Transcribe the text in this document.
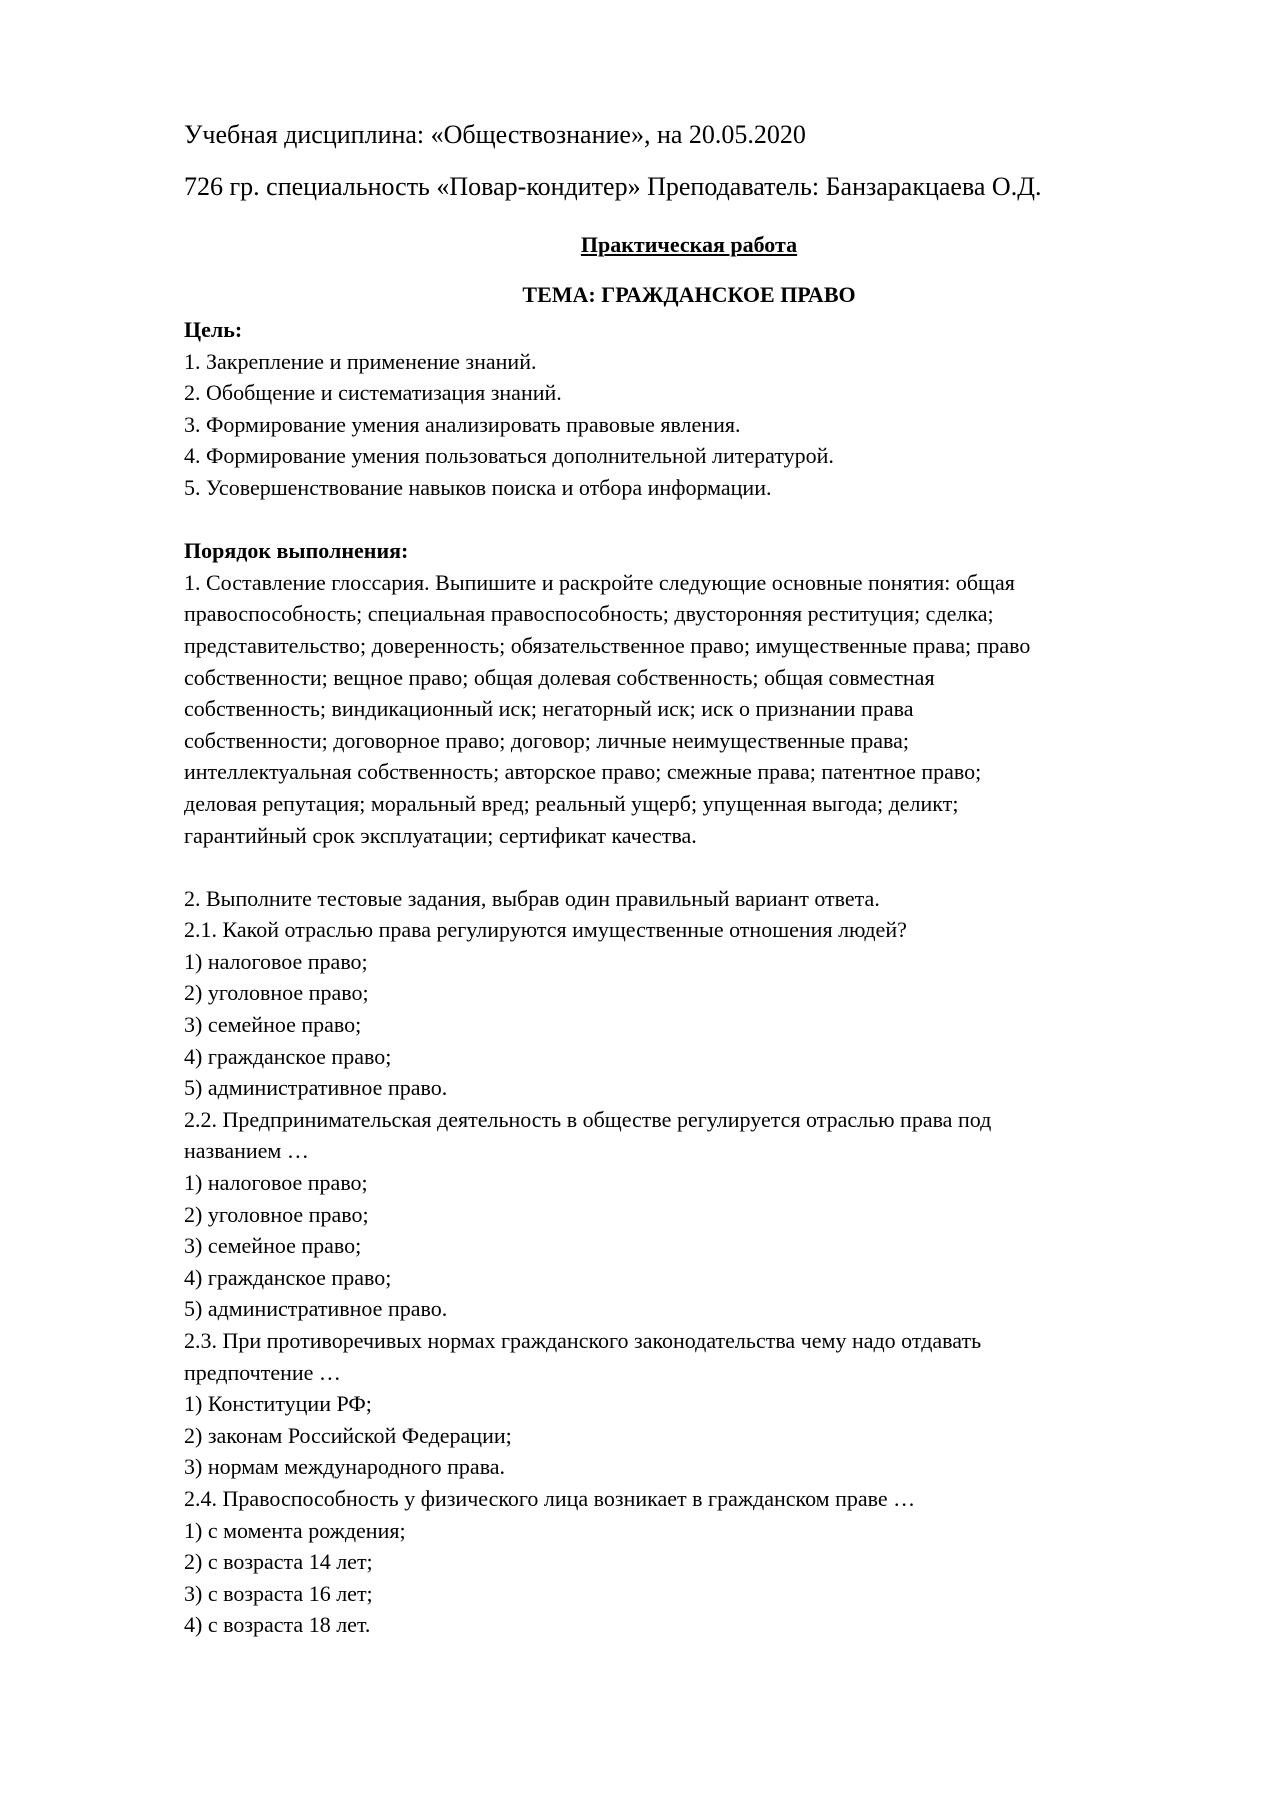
Учебная дисциплина: «Обществознание», на 20.05.2020

726 гр. специальность «Повар-кондитер» Преподаватель: Банзаракцаева О.Д.

Практическая работа
ТЕМА: ГРАЖДАНСКОЕ ПРАВО
Цель:
1. Закрепление и применение знаний.
2. Обобщение и систематизация знаний.
3. Формирование умения анализировать правовые явления.
4. Формирование умения пользоваться дополнительной литературой.
5. Усовершенствование навыков поиска и отбора информации.
Порядок выполнения:
1. Составление глоссария. Выпишите и раскройте следующие основные понятия: общая
правоспособность; специальная правоспособность; двусторонняя реституция; сделка;
представительство; доверенность; обязательственное право; имущественные права; право
собственности; вещное право; общая долевая собственность; общая совместная
собственность; виндикационный иск; негаторный иск; иск о признании права
собственности; договорное право; договор; личные неимущественные права;
интеллектуальная собственность; авторское право; смежные права; патентное право;
деловая репутация; моральный вред; реальный ущерб; упущенная выгода; деликт;
гарантийный срок эксплуатации; сертификат качества.
2. Выполните тестовые задания, выбрав один правильный вариант ответа.
2.1. Какой отраслью права регулируются имущественные отношения людей?
1) налоговое право;
2) уголовное право;
3) семейное право;
4) гражданское право;
5) административное право.
2.2. Предпринимательская деятельность в обществе регулируется отраслью права под
названием …
1) налоговое право;
2) уголовное право;
3) семейное право;
4) гражданское право;
5) административное право.
2.3. При противоречивых нормах гражданского законодательства чему надо отдавать
предпочтение …
1) Конституции РФ;
2) законам Российской Федерации;
3) нормам международного права.
2.4. Правоспособность у физического лица возникает в гражданском праве …
1) с момента рождения;
2) с возраста 14 лет;
3) с возраста 16 лет;
4) с возраста 18 лет.
